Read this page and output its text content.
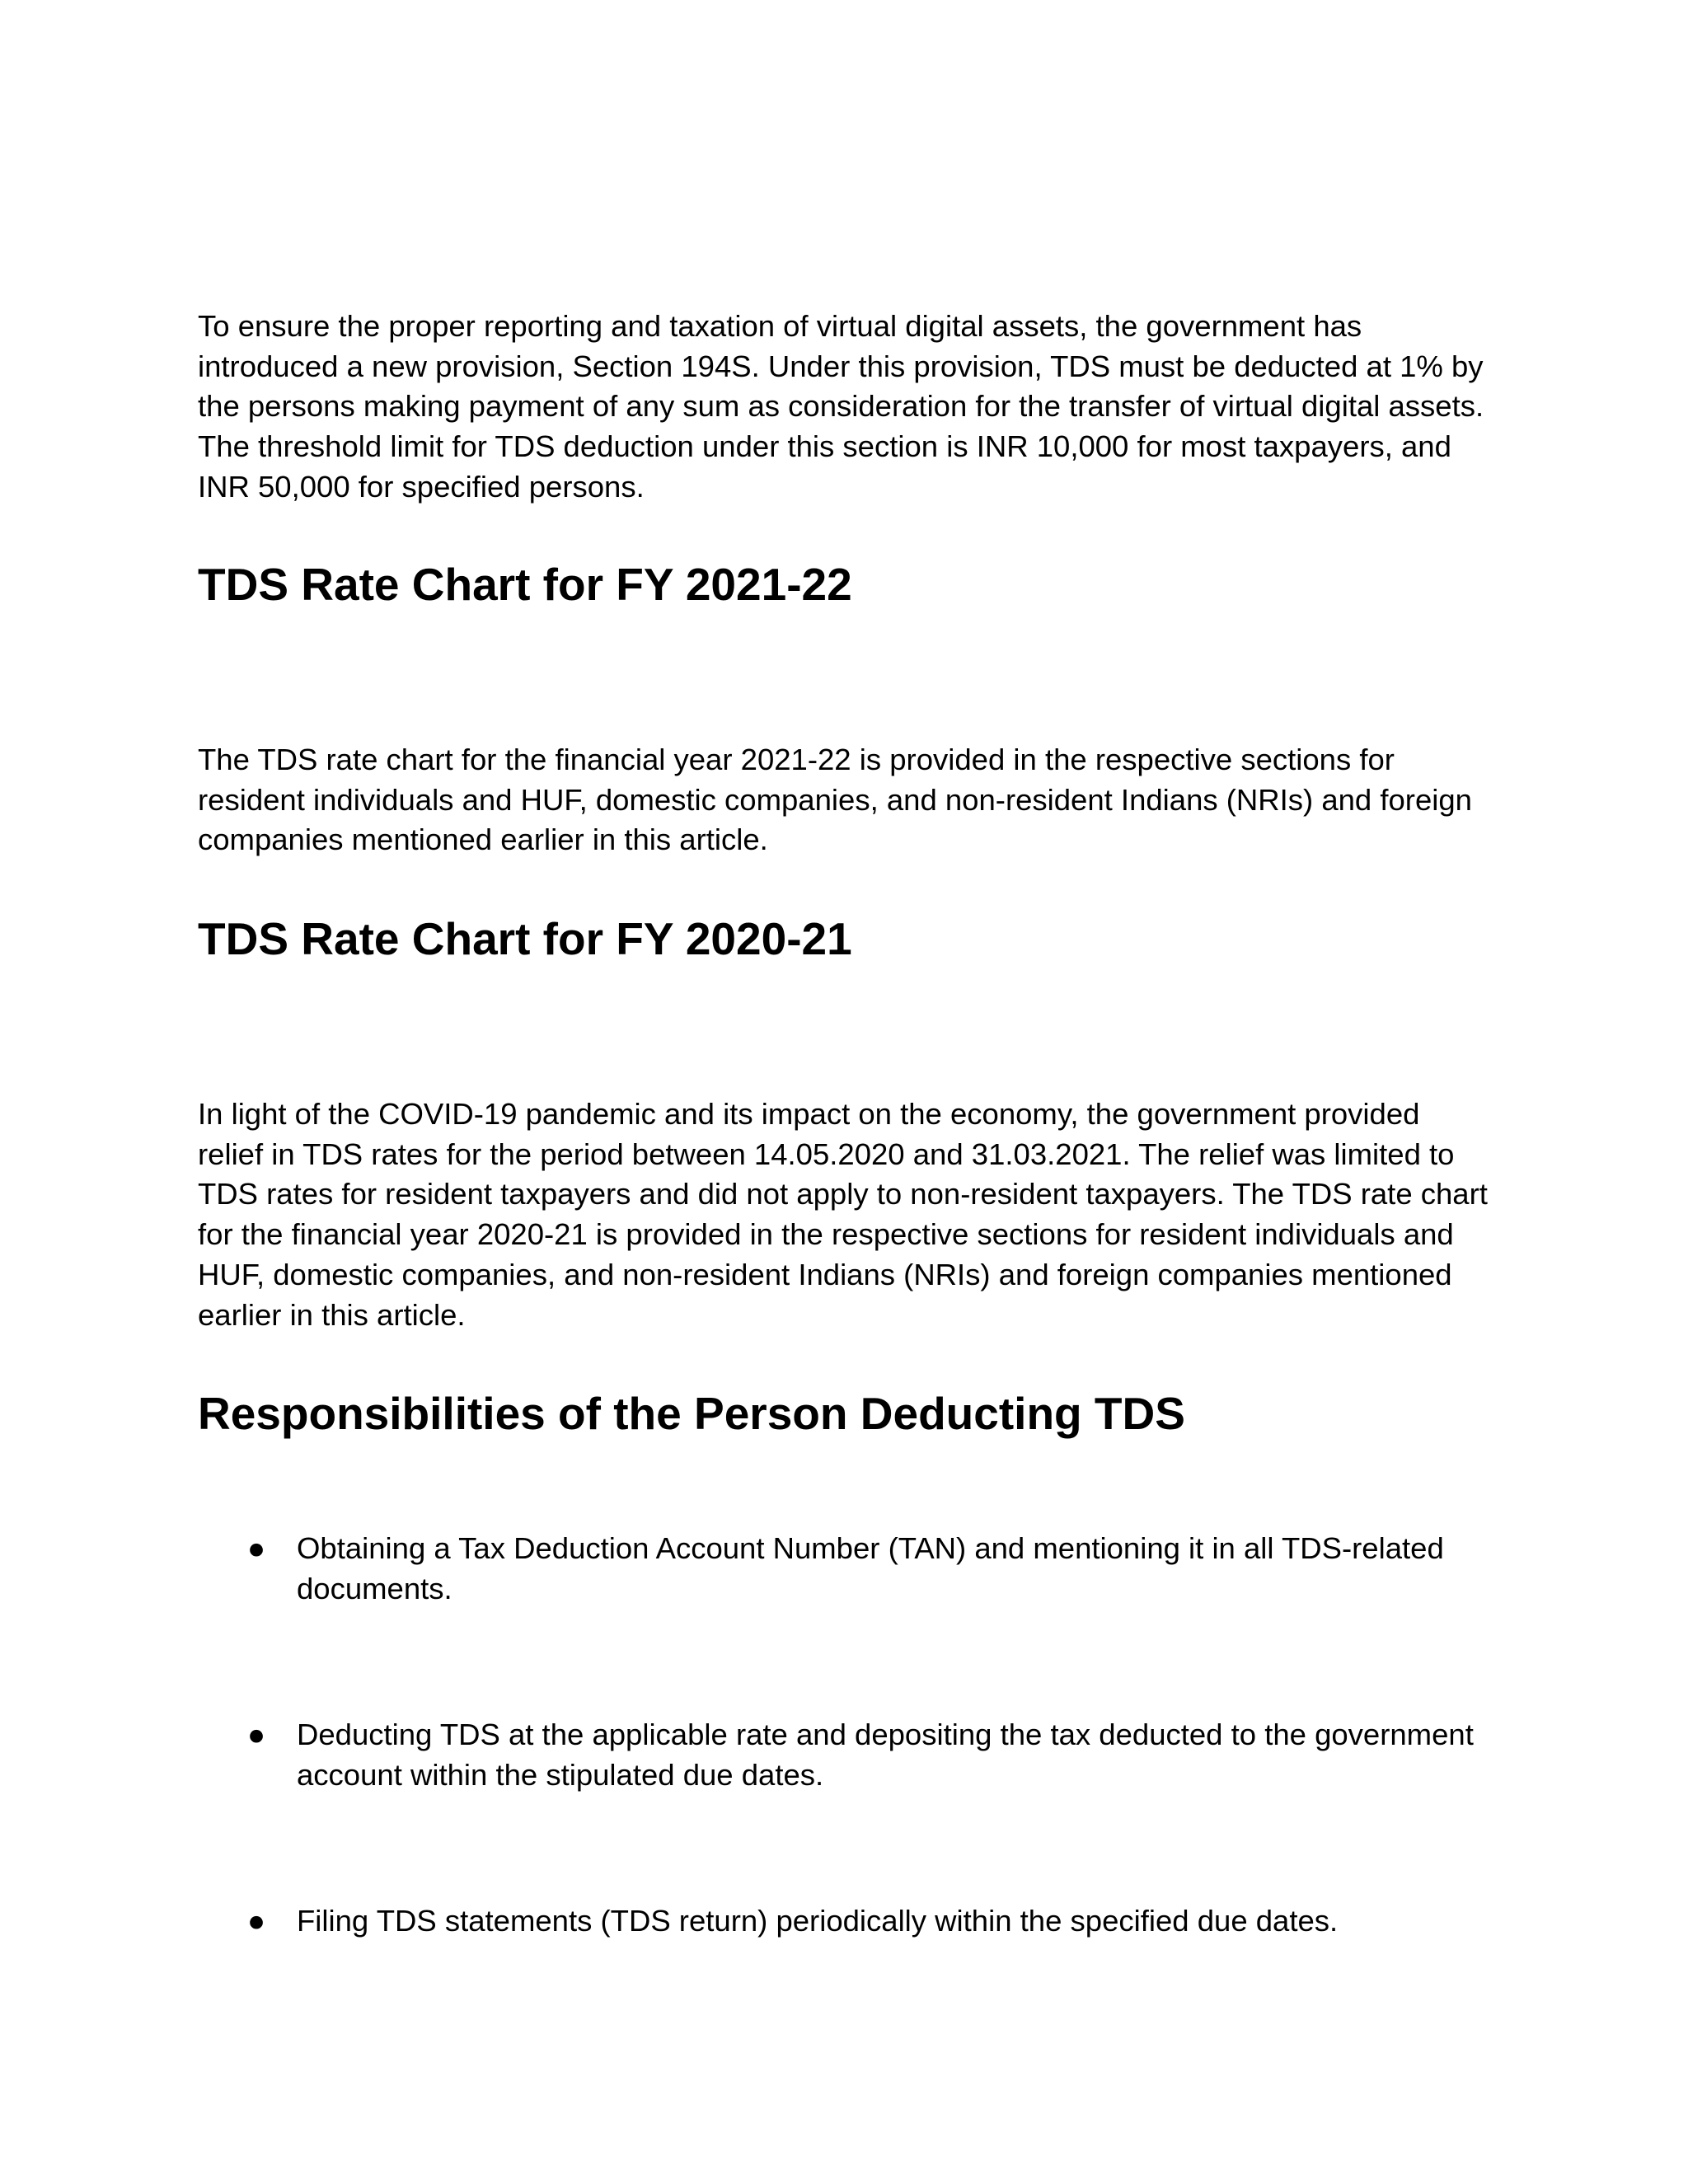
To ensure the proper reporting and taxation of virtual digital assets, the government has introduced a new provision, Section 194S. Under this provision, TDS must be deducted at 1% by the persons making payment of any sum as consideration for the transfer of virtual digital assets. The threshold limit for TDS deduction under this section is INR 10,000 for most taxpayers, and INR 50,000 for specified persons.

TDS Rate Chart for FY 2021-22

The TDS rate chart for the financial year 2021-22 is provided in the respective sections for resident individuals and HUF, domestic companies, and non-resident Indians (NRIs) and foreign companies mentioned earlier in this article.

TDS Rate Chart for FY 2020-21

In light of the COVID-19 pandemic and its impact on the economy, the government provided relief in TDS rates for the period between 14.05.2020 and 31.03.2021. The relief was limited to TDS rates for resident taxpayers and did not apply to non-resident taxpayers. The TDS rate chart for the financial year 2020-21 is provided in the respective sections for resident individuals and HUF, domestic companies, and non-resident Indians (NRIs) and foreign companies mentioned earlier in this article.

Responsibilities of the Person Deducting TDS
● Obtaining a Tax Deduction Account Number (TAN) and mentioning it in all TDS-related documents.

● Deducting TDS at the applicable rate and depositing the tax deducted to the government account within the stipulated due dates.

● Filing TDS statements (TDS return) periodically within the specified due dates.
